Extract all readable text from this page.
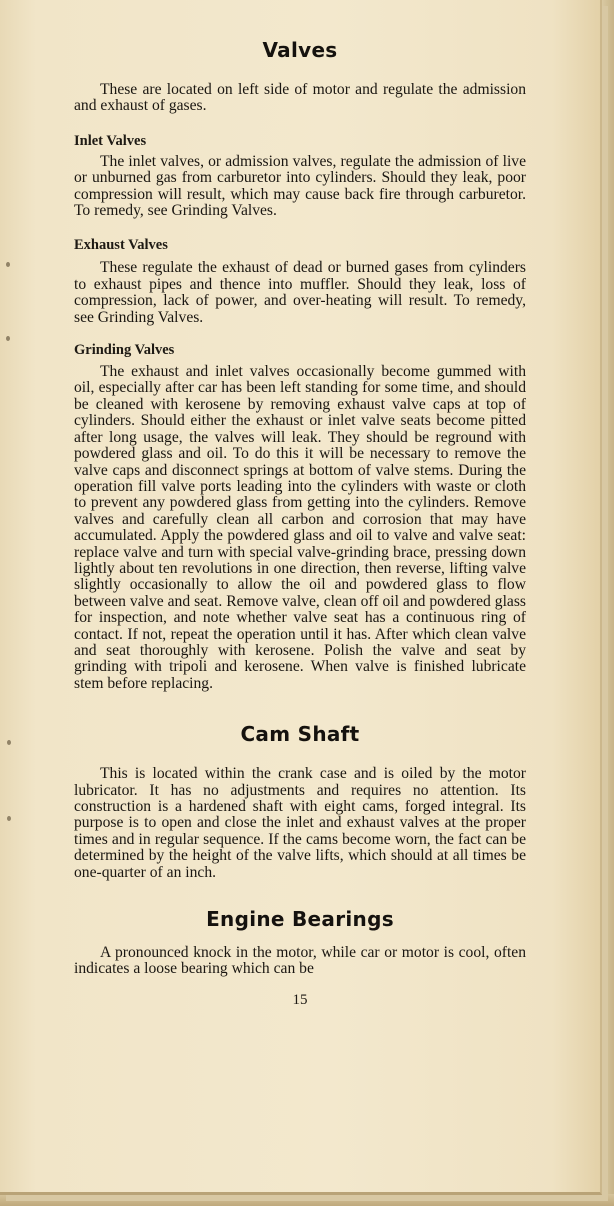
Valves

These are located on left side of motor and regulate the admission and exhaust of gases.

Inlet Valves

The inlet valves, or admission valves, regulate the admission of live or unburned gas from carburetor into cylinders. Should they leak, poor compression will result, which may cause back fire through carburetor. To remedy, see Grinding Valves.

Exhaust Valves

These regulate the exhaust of dead or burned gases from cylinders to exhaust pipes and thence into muffler. Should they leak, loss of compression, lack of power, and over-heating will result. To remedy, see Grinding Valves.

Grinding Valves

The exhaust and inlet valves occasionally become gummed with oil, especially after car has been left standing for some time, and should be cleaned with kerosene by removing exhaust valve caps at top of cylinders. Should either the exhaust or inlet valve seats become pitted after long usage, the valves will leak. They should be reground with powdered glass and oil. To do this it will be necessary to remove the valve caps and disconnect springs at bottom of valve stems. During the operation fill valve ports leading into the cylinders with waste or cloth to prevent any powdered glass from getting into the cylinders. Remove valves and carefully clean all carbon and corrosion that may have accumulated. Apply the powdered glass and oil to valve and valve seat: replace valve and turn with special valve-grinding brace, pressing down lightly about ten revolutions in one direction, then reverse, lifting valve slightly occasionally to allow the oil and powdered glass to flow between valve and seat. Remove valve, clean off oil and powdered glass for inspection, and note whether valve seat has a continuous ring of contact. If not, repeat the operation until it has. After which clean valve and seat thoroughly with kerosene. Polish the valve and seat by grinding with tripoli and kerosene. When valve is finished lubricate stem before replacing.

Cam Shaft

This is located within the crank case and is oiled by the motor lubricator. It has no adjustments and requires no attention. Its construction is a hardened shaft with eight cams, forged integral. Its purpose is to open and close the inlet and exhaust valves at the proper times and in regular sequence. If the cams become worn, the fact can be determined by the height of the valve lifts, which should at all times be one-quarter of an inch.

Engine Bearings

A pronounced knock in the motor, while car or motor is cool, often indicates a loose bearing which can be

15
